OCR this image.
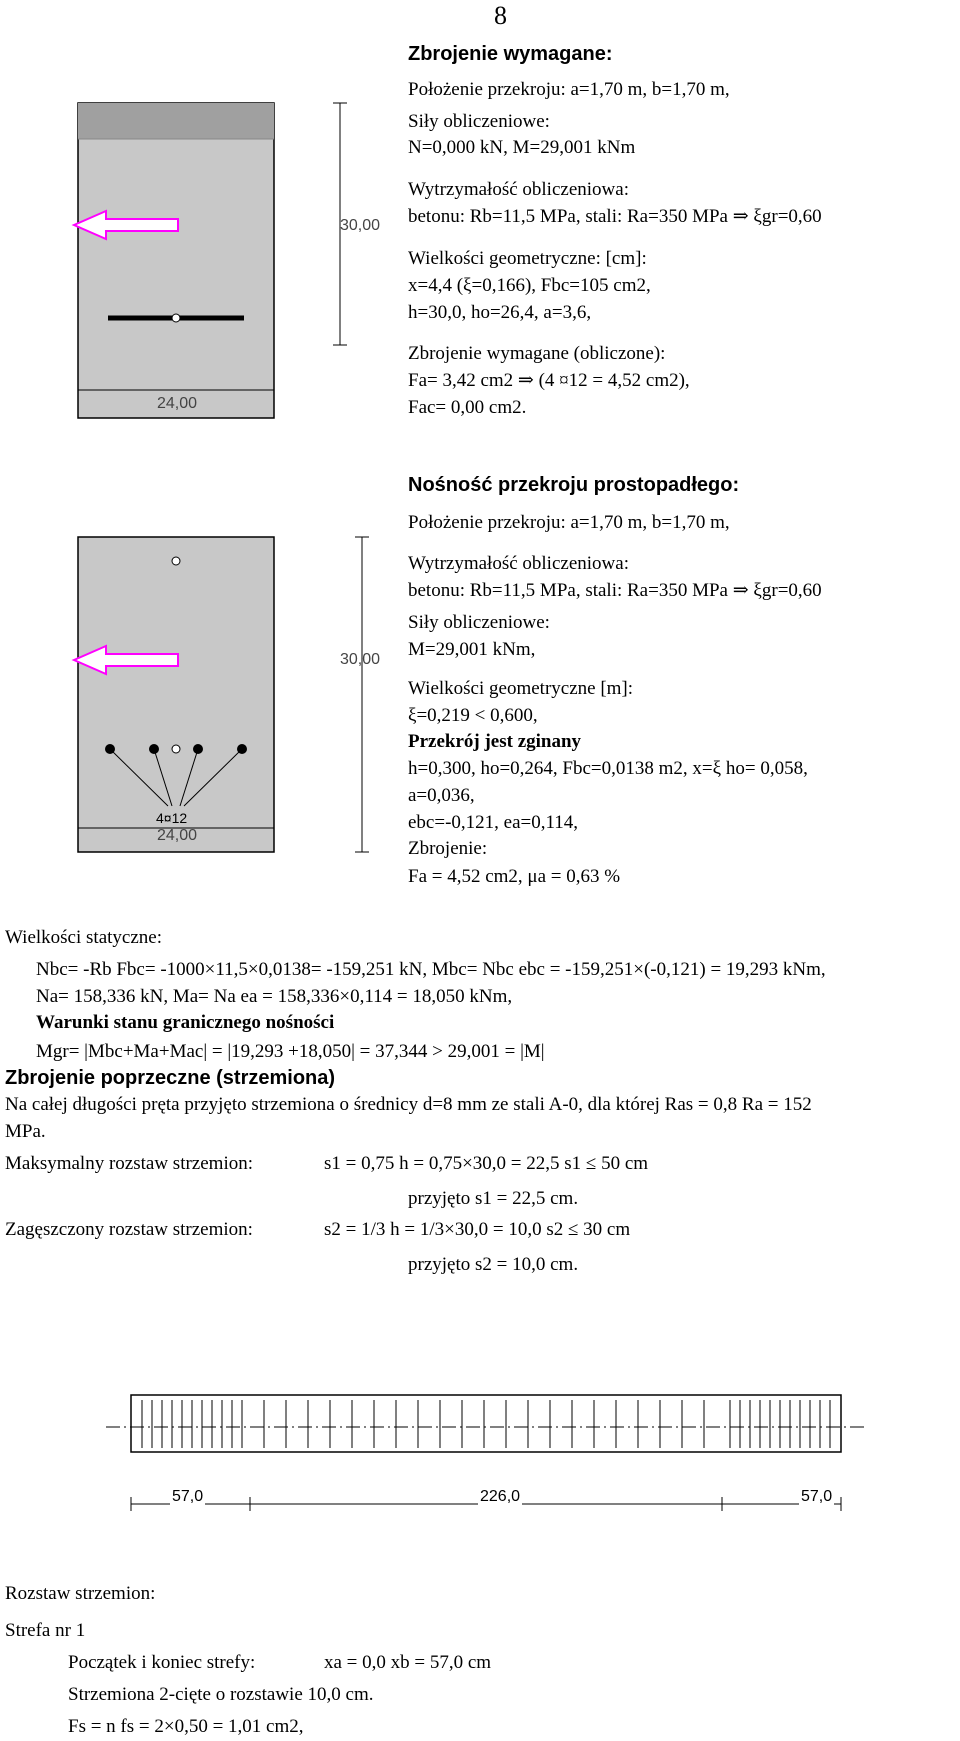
8
30,00
24,00
Zbrojenie wymagane:
Położenie przekroju: a=1,70 m, b=1,70 m,
Siły obliczeniowe:
N=0,000 kN, M=29,001 kNm
Wytrzymałość obliczeniowa:
betonu: Rb=11,5 MPa, stali: Ra=350 MPa ⇒ ξgr=0,60
Wielkości geometryczne: [cm]:
x=4,4 (ξ=0,166), Fbc=105 cm2,
h=30,0, ho=26,4, a=3,6,
Zbrojenie wymagane (obliczone):
Fa= 3,42 cm2 ⇒ (4 ¤12 = 4,52 cm2),
Fac= 0,00 cm2.
30,00
4¤12
24,00
Nośność przekroju prostopadłego:
Położenie przekroju: a=1,70 m, b=1,70 m,
Wytrzymałość obliczeniowa:
betonu: Rb=11,5 MPa, stali: Ra=350 MPa ⇒ ξgr=0,60
Siły obliczeniowe:
M=29,001 kNm,
Wielkości geometryczne [m]:
ξ=0,219 < 0,600,
Przekrój jest zginany
h=0,300, ho=0,264, Fbc=0,0138 m2, x=ξ ho= 0,058,
a=0,036,
ebc=-0,121, ea=0,114,
Zbrojenie:
Fa = 4,52 cm2, μa = 0,63 %
Wielkości statyczne:
Nbc= -Rb Fbc= -1000×11,5×0,0138= -159,251 kN, Mbc= Nbc ebc = -159,251×(-0,121) = 19,293 kNm,
Na= 158,336 kN, Ma= Na ea = 158,336×0,114 = 18,050 kNm,
Warunki stanu granicznego nośności
Mgr= |Mbc+Ma+Mac| = |19,293 +18,050| = 37,344 > 29,001 = |M|
Zbrojenie poprzeczne (strzemiona)
Na całej długości pręta przyjęto strzemiona o średnicy d=8 mm ze stali A-0, dla której Ras = 0,8 Ra = 152
MPa.
Maksymalny rozstaw strzemion:	s1 = 0,75 h = 0,75×30,0 = 22,5 s1 ≤ 50 cm
przyjęto s1 = 22,5 cm.
Zagęszczony rozstaw strzemion:	s2 = 1/3 h = 1/3×30,0 = 10,0 s2 ≤ 30 cm
przyjęto s2 = 10,0 cm.
57,0	226,0	57,0
Rozstaw strzemion:
Strefa nr 1
Początek i koniec strefy:	xa = 0,0 xb = 57,0 cm
Strzemiona 2-cięte o rozstawie 10,0 cm.
Fs = n fs = 2×0,50 = 1,01 cm2,
